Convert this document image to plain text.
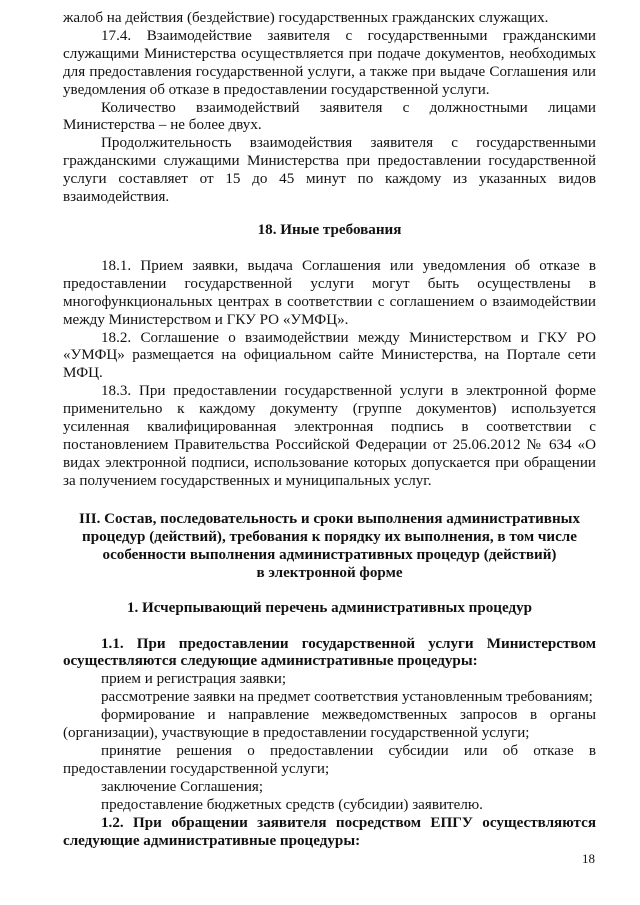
жалоб на действия (бездействие) государственных гражданских служащих.

17.4. Взаимодействие заявителя с государственными гражданскими служащими Министерства осуществляется при подаче документов, необходимых для предоставления государственной услуги, а также при выдаче Соглашения или уведомления об отказе в предоставлении государственной услуги.

Количество взаимодействий заявителя с должностными лицами Министерства – не более двух.

Продолжительность взаимодействия заявителя с государственными гражданскими служащими Министерства при предоставлении государственной услуги составляет от 15 до 45 минут по каждому из указанных видов взаимодействия.

18. Иные требования

18.1. Прием заявки, выдача Соглашения или уведомления об отказе в предоставлении государственной услуги могут быть осуществлены в многофункциональных центрах в соответствии с соглашением о взаимодействии между Министерством и ГКУ РО «УМФЦ».

18.2. Соглашение о взаимодействии между Министерством и ГКУ РО «УМФЦ» размещается на официальном сайте Министерства, на Портале сети МФЦ.

18.3. При предоставлении государственной услуги в электронной форме применительно к каждому документу (группе документов) используется усиленная квалифицированная электронная подпись в соответствии с постановлением Правительства Российской Федерации от 25.06.2012 № 634 «О видах электронной подписи, использование которых допускается при обращении за получением государственных и муниципальных услуг.

III. Состав, последовательность и сроки выполнения административных
процедур (действий), требования к порядку их выполнения, в том числе
особенности выполнения административных процедур (действий)
в электронной форме
1. Исчерпывающий перечень административных процедур

1.1. При предоставлении государственной услуги Министерством осуществляются следующие административные процедуры:

прием и регистрация заявки;

рассмотрение заявки на предмет соответствия установленным требованиям;

формирование и направление межведомственных запросов в органы (организации), участвующие в предоставлении государственной услуги;

принятие решения о предоставлении субсидии или об отказе в предоставлении государственной услуги;

заключение Соглашения;

предоставление бюджетных средств (субсидии) заявителю.

1.2. При обращении заявителя посредством ЕПГУ осуществляются следующие административные процедуры:

18
